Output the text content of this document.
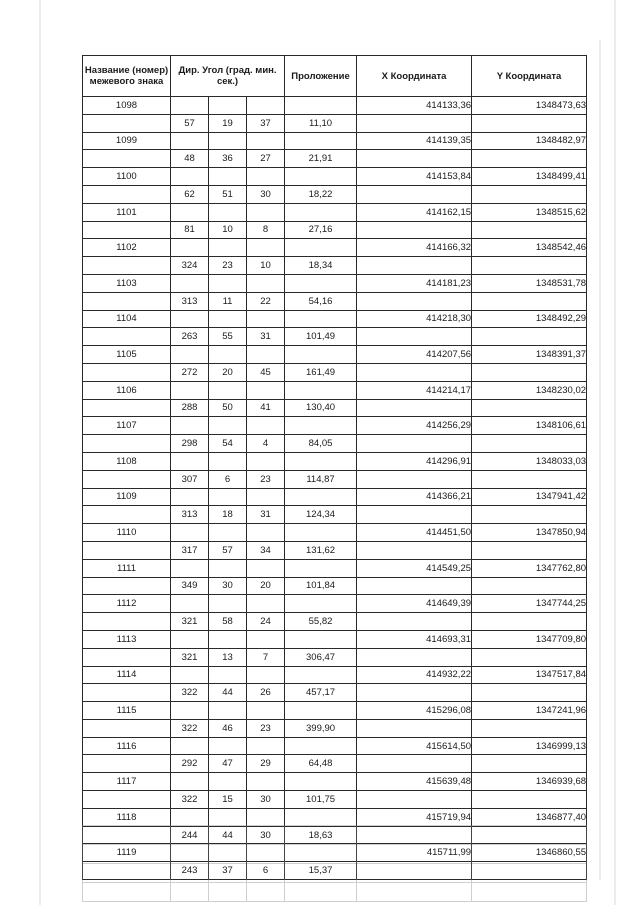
Название (номер) межевого знака	Дир. Угол (град. мин. сек.)			Проложение	X Координата	Y Координата
1098					414133,36	1348473,63
	57	19	37	11,10		
1099					414139,35	1348482,97
	48	36	27	21,91		
1100					414153,84	1348499,41
	62	51	30	18,22		
1101					414162,15	1348515,62
	81	10	8	27,16		
1102					414166,32	1348542,46
	324	23	10	18,34		
1103					414181,23	1348531,78
	313	11	22	54,16		
1104					414218,30	1348492,29
	263	55	31	101,49		
1105					414207,56	1348391,37
	272	20	45	161,49		
1106					414214,17	1348230,02
	288	50	41	130,40		
1107					414256,29	1348106,61
	298	54	4	84,05		
1108					414296,91	1348033,03
	307	6	23	114,87		
1109					414366,21	1347941,42
	313	18	31	124,34		
1110					414451,50	1347850,94
	317	57	34	131,62		
1111					414549,25	1347762,80
	349	30	20	101,84		
1112					414649,39	1347744,25
	321	58	24	55,82		
1113					414693,31	1347709,80
	321	13	7	306,47		
1114					414932,22	1347517,84
	322	44	26	457,17		
1115					415296,08	1347241,96
	322	46	23	399,90		
1116					415614,50	1346999,13
	292	47	29	64,48		
1117					415639,48	1346939,68
	322	15	30	101,75		
1118					415719,94	1346877,40
	244	44	30	18,63		
1119					415711,99	1346860,55
	243	37	6	15,37		
